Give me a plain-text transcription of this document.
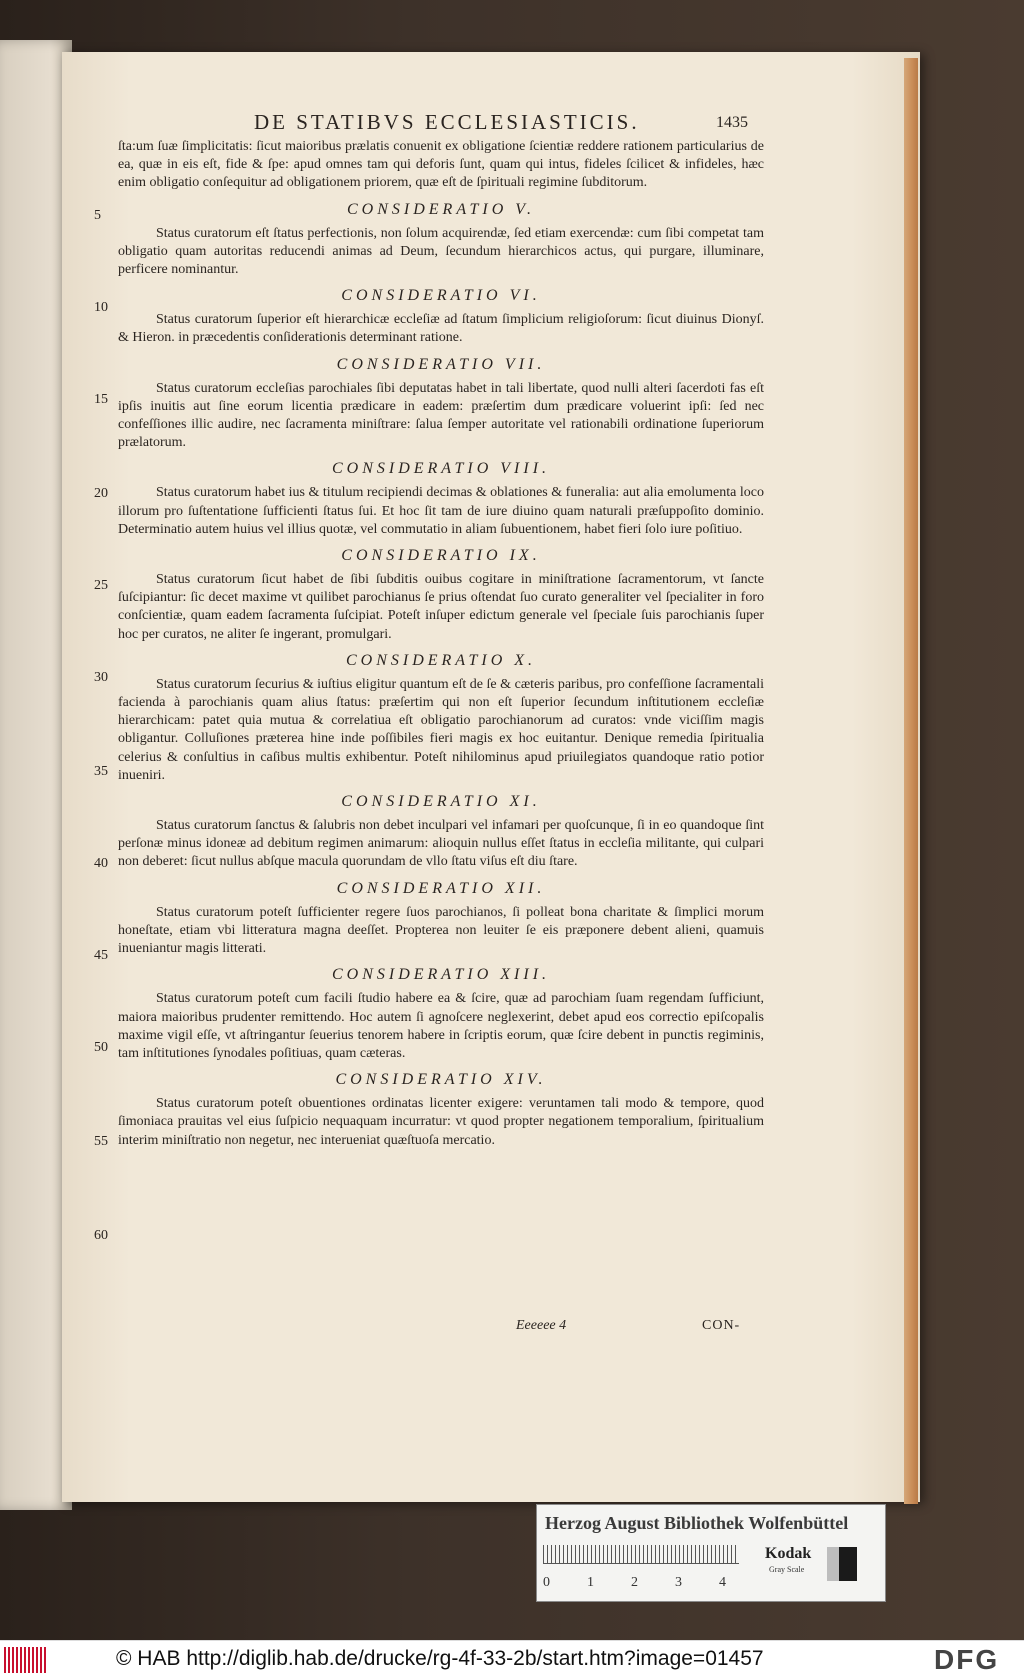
DE STATIBVS ECCLESIASTICIS.	1435

ſta:um ſuæ ſimplicitatis: ſicut maioribus prælatis conuenit ex obligatione ſcientiæ reddere rationem particularius de ea, quæ in eis eſt, fide & ſpe: apud omnes tam qui deforis ſunt, quam qui intus, fideles ſcilicet & infideles, hæc enim obligatio conſequitur ad obligationem priorem, quæ eſt de ſpirituali regimine ſubditorum.

CONSIDERATIO V.

Status curatorum eſt ſtatus perfectionis, non ſolum acquirendæ, ſed etiam exercendæ: cum ſibi competat tam obligatio quam autoritas reducendi animas ad Deum, ſecundum hierarchicos actus, qui purgare, illuminare, perficere nominantur.

CONSIDERATIO VI.

Status curatorum ſuperior eſt hierarchicæ eccleſiæ ad ſtatum ſimplicium religioſorum: ſicut diuinus Dionyſ. & Hieron. in præcedentis conſiderationis determinant ratione.

CONSIDERATIO VII.

Status curatorum eccleſias parochiales ſibi deputatas habet in tali libertate, quod nulli alteri ſacerdoti fas eſt ipſis inuitis aut ſine eorum licentia prædicare in eadem: præſertim dum prædicare voluerint ipſi: ſed nec confeſſiones illic audire, nec ſacramenta miniſtrare: ſalua ſemper autoritate vel rationabili ordinatione ſuperiorum prælatorum.

CONSIDERATIO VIII.

Status curatorum habet ius & titulum recipiendi decimas & oblationes & funeralia: aut alia emolumenta loco illorum pro ſuſtentatione ſufficienti ſtatus ſui. Et hoc ſit tam de iure diuino quam naturali præſuppoſito dominio. Determinatio autem huius vel illius quotæ, vel commutatio in aliam ſubuentionem, habet fieri ſolo iure poſitiuo.

CONSIDERATIO IX.

Status curatorum ſicut habet de ſibi ſubditis ouibus cogitare in miniſtratione ſacramentorum, vt ſancte ſuſcipiantur: ſic decet maxime vt quilibet parochianus ſe prius oſtendat ſuo curato generaliter vel ſpecialiter in foro conſcientiæ, quam eadem ſacramenta ſuſcipiat. Poteſt inſuper edictum generale vel ſpeciale ſuis parochianis ſuper hoc per curatos, ne aliter ſe ingerant, promulgari.

CONSIDERATIO X.

Status curatorum ſecurius & iuſtius eligitur quantum eſt de ſe & cæteris paribus, pro confeſſione ſacramentali facienda à parochianis quam alius ſtatus: præſertim qui non eſt ſuperior ſecundum inſtitutionem eccleſiæ hierarchicam: patet quia mutua & correlatiua eſt obligatio parochianorum ad curatos: vnde viciſſim magis obligantur. Colluſiones præterea hine inde poſſibiles fieri magis ex hoc euitantur. Denique remedia ſpiritualia celerius & conſultius in caſibus multis exhibentur. Poteſt nihilominus apud priuilegiatos quandoque ratio potior inueniri.

CONSIDERATIO XI.

Status curatorum ſanctus & ſalubris non debet inculpari vel infamari per quoſcunque, ſi in eo quandoque ſint perſonæ minus idoneæ ad debitum regimen animarum: alioquin nullus eſſet ſtatus in eccleſia militante, qui culpari non deberet: ſicut nullus abſque macula quorundam de vllo ſtatu viſus eſt diu ſtare.

CONSIDERATIO XII.

Status curatorum poteſt ſufficienter regere ſuos parochianos, ſi polleat bona charitate & ſimplici morum honeſtate, etiam vbi litteratura magna deeſſet. Propterea non leuiter ſe eis præponere debent alieni, quamuis inueniantur magis litterati.

CONSIDERATIO XIII.

Status curatorum poteſt cum facili ſtudio habere ea & ſcire, quæ ad parochiam ſuam regendam ſufficiunt, maiora maioribus prudenter remittendo. Hoc autem ſi agnoſcere neglexerint, debet apud eos correctio epiſcopalis maxime vigil eſſe, vt aſtringantur ſeuerius tenorem habere in ſcriptis eorum, quæ ſcire debent in punctis regiminis, tam inſtitutiones ſynodales poſitiuas, quam cæteras.

CONSIDERATIO XIV.

Status curatorum poteſt obuentiones ordinatas licenter exigere: veruntamen tali modo & tempore, quod ſimoniaca prauitas vel eius ſuſpicio nequaquam incurratur: vt quod propter negationem temporalium, ſpiritualium interim miniſtratio non negetur, nec interueniat quæſtuoſa mercatio.

5
10
15
20
25
30
35
40
45
50
55
60
Eeeeee 4	CON-
Herzog August Bibliothek Wolfenbüttel
0	1	2	3	4
Kodak
Gray Scale
© HAB http://diglib.hab.de/drucke/rg-4f-33-2b/start.htm?image=01457	DFG
